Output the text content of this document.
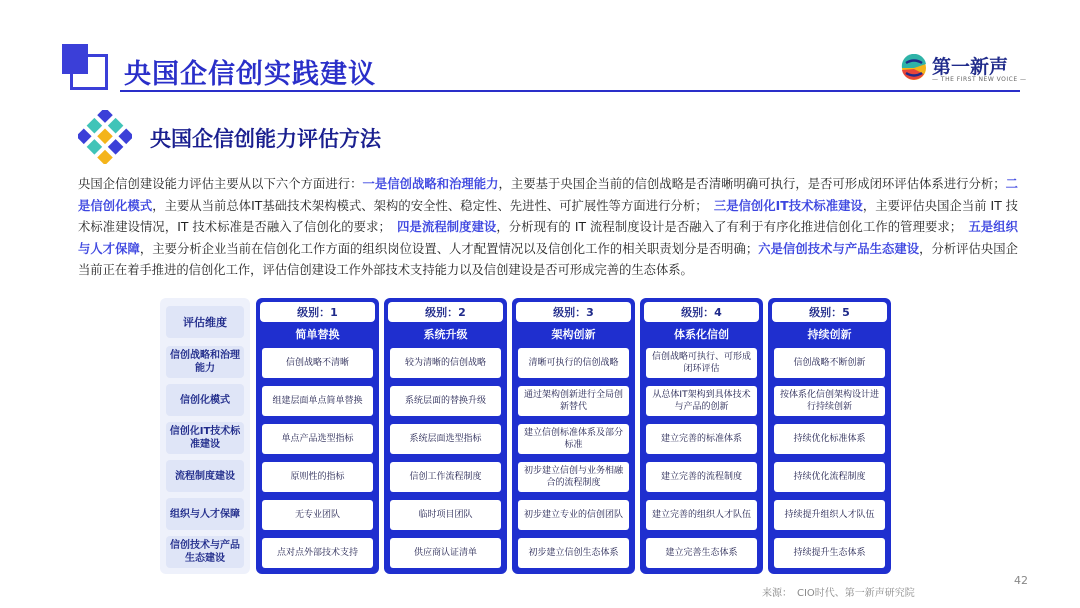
央国企信创实践建议	第一新声
— THE FIRST NEW VOICE —
央国企信创能力评估方法

央国企信创建设能力评估主要从以下六个方面进行：一是信创战略和治理能力，主要基于央国企当前的信创战略是否清晰明确可执行，是否可形成闭环评估体系进行分析；二是信创化模式，主要从当前总体IT基础技术架构模式、架构的安全性、稳定性、先进性、可扩展性等方面进行分析；　三是信创化IT技术标准建设，主要评估央国企当前 IT 技术标准建设情况，IT 技术标准是否融入了信创化的要求；　四是流程制度建设，分析现有的 IT 流程制度设计是否融入了有利于有序化推进信创化工作的管理要求；　五是组织与人才保障，主要分析企业当前在信创化工作方面的组织岗位设置、人才配置情况以及信创化工作的相关职责划分是否明确；六是信创技术与产品生态建设，分析评估央国企当前正在着手推进的信创化工作，评估信创建设工作外部技术支持能力以及信创建设是否可形成完善的生态体系。

评估维度
信创战略和治理能力
信创化模式
信创化IT技术标准建设
流程制度建设
组织与人才保障
信创技术与产品生态建设
级别：1
简单替换
信创战略不清晰
组建层面单点简单替换
单点产品选型指标
原则性的指标
无专业团队
点对点外部技术支持
级别：2
系统升级
较为清晰的信创战略
系统层面的替换升级
系统层面选型指标
信创工作流程制度
临时项目团队
供应商认证清单
级别：3
架构创新
清晰可执行的信创战略
通过架构创新进行全局创新替代
建立信创标准体系及部分标准
初步建立信创与业务相融合的流程制度
初步建立专业的信创团队
初步建立信创生态体系
级别：4
体系化信创
信创战略可执行、可形成闭环评估
从总体IT架构到具体技术与产品的创新
建立完善的标准体系
建立完善的流程制度
建立完善的组织人才队伍
建立完善生态体系
级别：5
持续创新
信创战略不断创新
按体系化信创架构设计进行持续创新
持续优化标准体系
持续优化流程制度
持续提升组织人才队伍
持续提升生态体系
42
来源：　CIO时代、第一新声研究院
